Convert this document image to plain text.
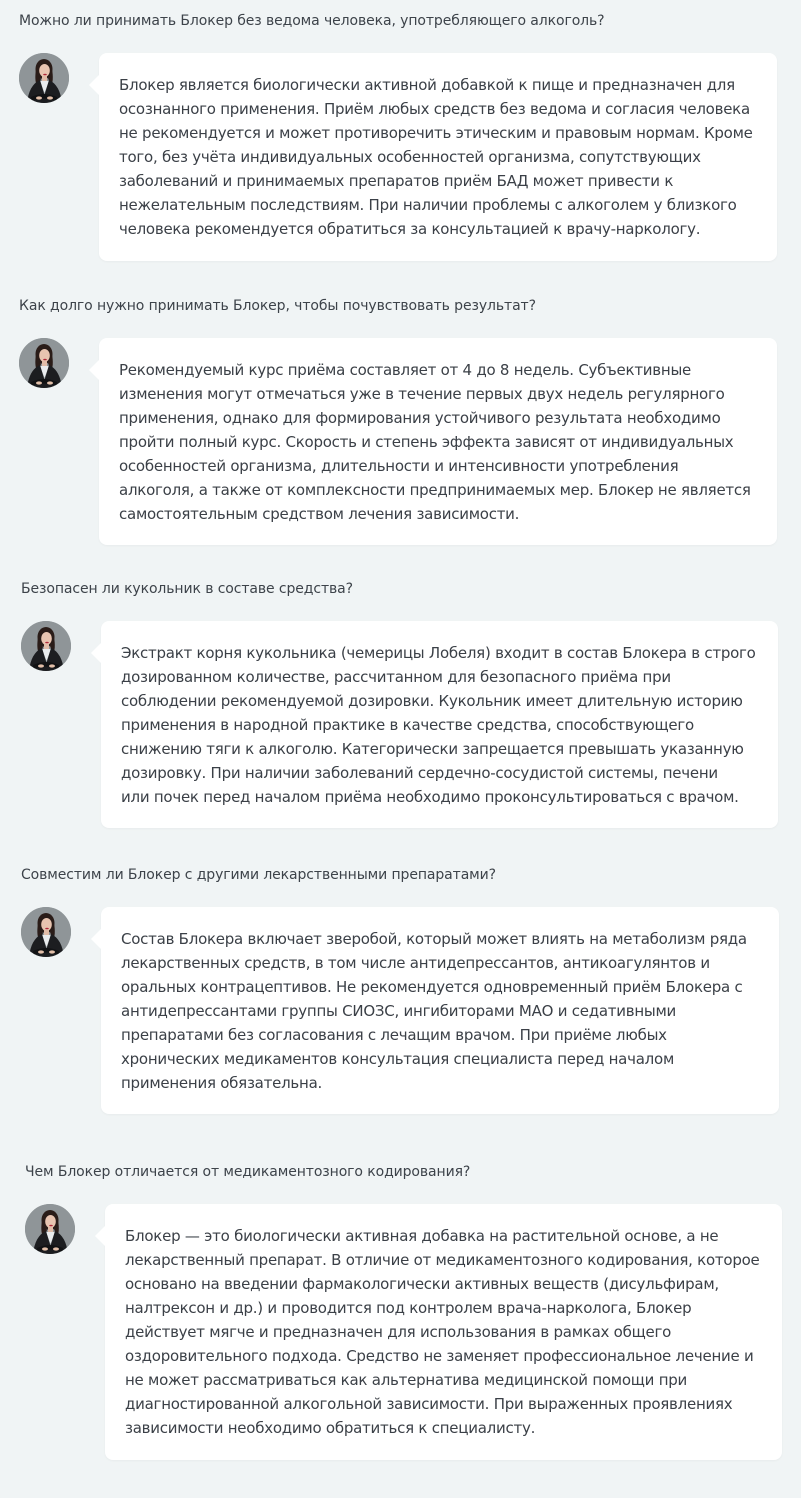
Можно ли принимать Блокер без ведома человека, употребляющего алкоголь?
Блокер является биологически активной добавкой к пище и предназначен для
осознанного применения. Приём любых средств без ведома и согласия человека
не рекомендуется и может противоречить этическим и правовым нормам. Кроме
того, без учёта индивидуальных особенностей организма, сопутствующих
заболеваний и принимаемых препаратов приём БАД может привести к
нежелательным последствиям. При наличии проблемы с алкоголем у близкого
человека рекомендуется обратиться за консультацией к врачу-наркологу.
Как долго нужно принимать Блокер, чтобы почувствовать результат?
Рекомендуемый курс приёма составляет от 4 до 8 недель. Субъективные
изменения могут отмечаться уже в течение первых двух недель регулярного
применения, однако для формирования устойчивого результата необходимо
пройти полный курс. Скорость и степень эффекта зависят от индивидуальных
особенностей организма, длительности и интенсивности употребления
алкоголя, а также от комплексности предпринимаемых мер. Блокер не является
самостоятельным средством лечения зависимости.
Безопасен ли кукольник в составе средства?
Экстракт корня кукольника (чемерицы Лобеля) входит в состав Блокера в строго
дозированном количестве, рассчитанном для безопасного приёма при
соблюдении рекомендуемой дозировки. Кукольник имеет длительную историю
применения в народной практике в качестве средства, способствующего
снижению тяги к алкоголю. Категорически запрещается превышать указанную
дозировку. При наличии заболеваний сердечно-сосудистой системы, печени
или почек перед началом приёма необходимо проконсультироваться с врачом.
Совместим ли Блокер с другими лекарственными препаратами?
Состав Блокера включает зверобой, который может влиять на метаболизм ряда
лекарственных средств, в том числе антидепрессантов, антикоагулянтов и
оральных контрацептивов. Не рекомендуется одновременный приём Блокера с
антидепрессантами группы СИОЗС, ингибиторами МАО и седативными
препаратами без согласования с лечащим врачом. При приёме любых
хронических медикаментов консультация специалиста перед началом
применения обязательна.
Чем Блокер отличается от медикаментозного кодирования?
Блокер — это биологически активная добавка на растительной основе, а не
лекарственный препарат. В отличие от медикаментозного кодирования, которое
основано на введении фармакологически активных веществ (дисульфирам,
налтрексон и др.) и проводится под контролем врача-нарколога, Блокер
действует мягче и предназначен для использования в рамках общего
оздоровительного подхода. Средство не заменяет профессиональное лечение и
не может рассматриваться как альтернатива медицинской помощи при
диагностированной алкогольной зависимости. При выраженных проявлениях
зависимости необходимо обратиться к специалисту.
